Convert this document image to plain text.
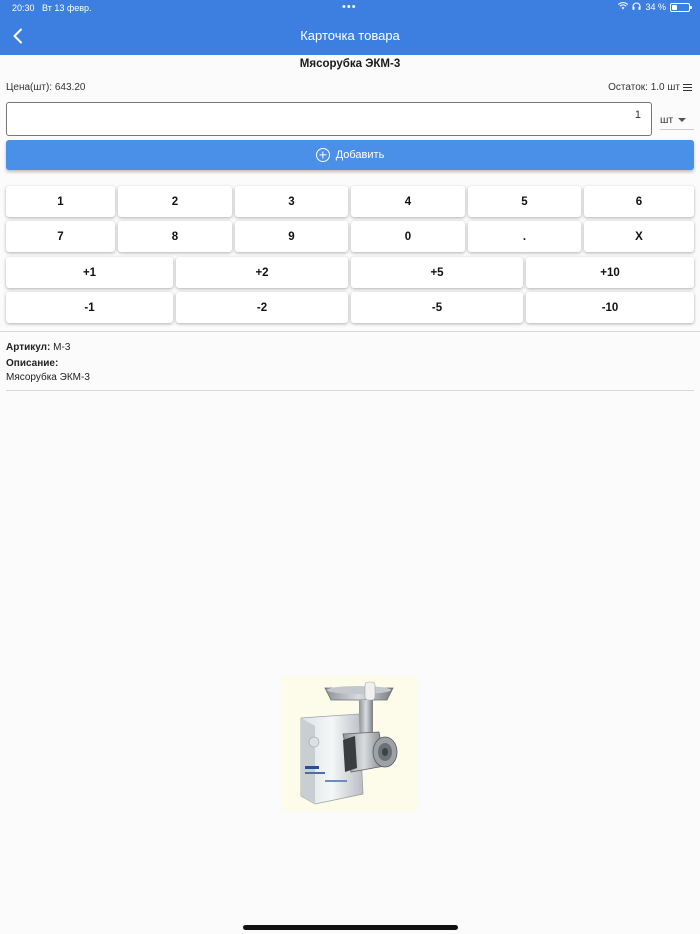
20:30 Вт 13 февр.	•••	34 %
Карточка товара
Мясорубка ЭКМ-3
Цена(шт): 643.20	Остаток: 1.0 шт
1
шт
Добавить
1	2	3	4	5	6
7	8	9	0	.	X
+1	+2	+5	+10
-1	-2	-5	-10
Артикул: М-3
Описание:
Мясорубка ЭКМ-3
